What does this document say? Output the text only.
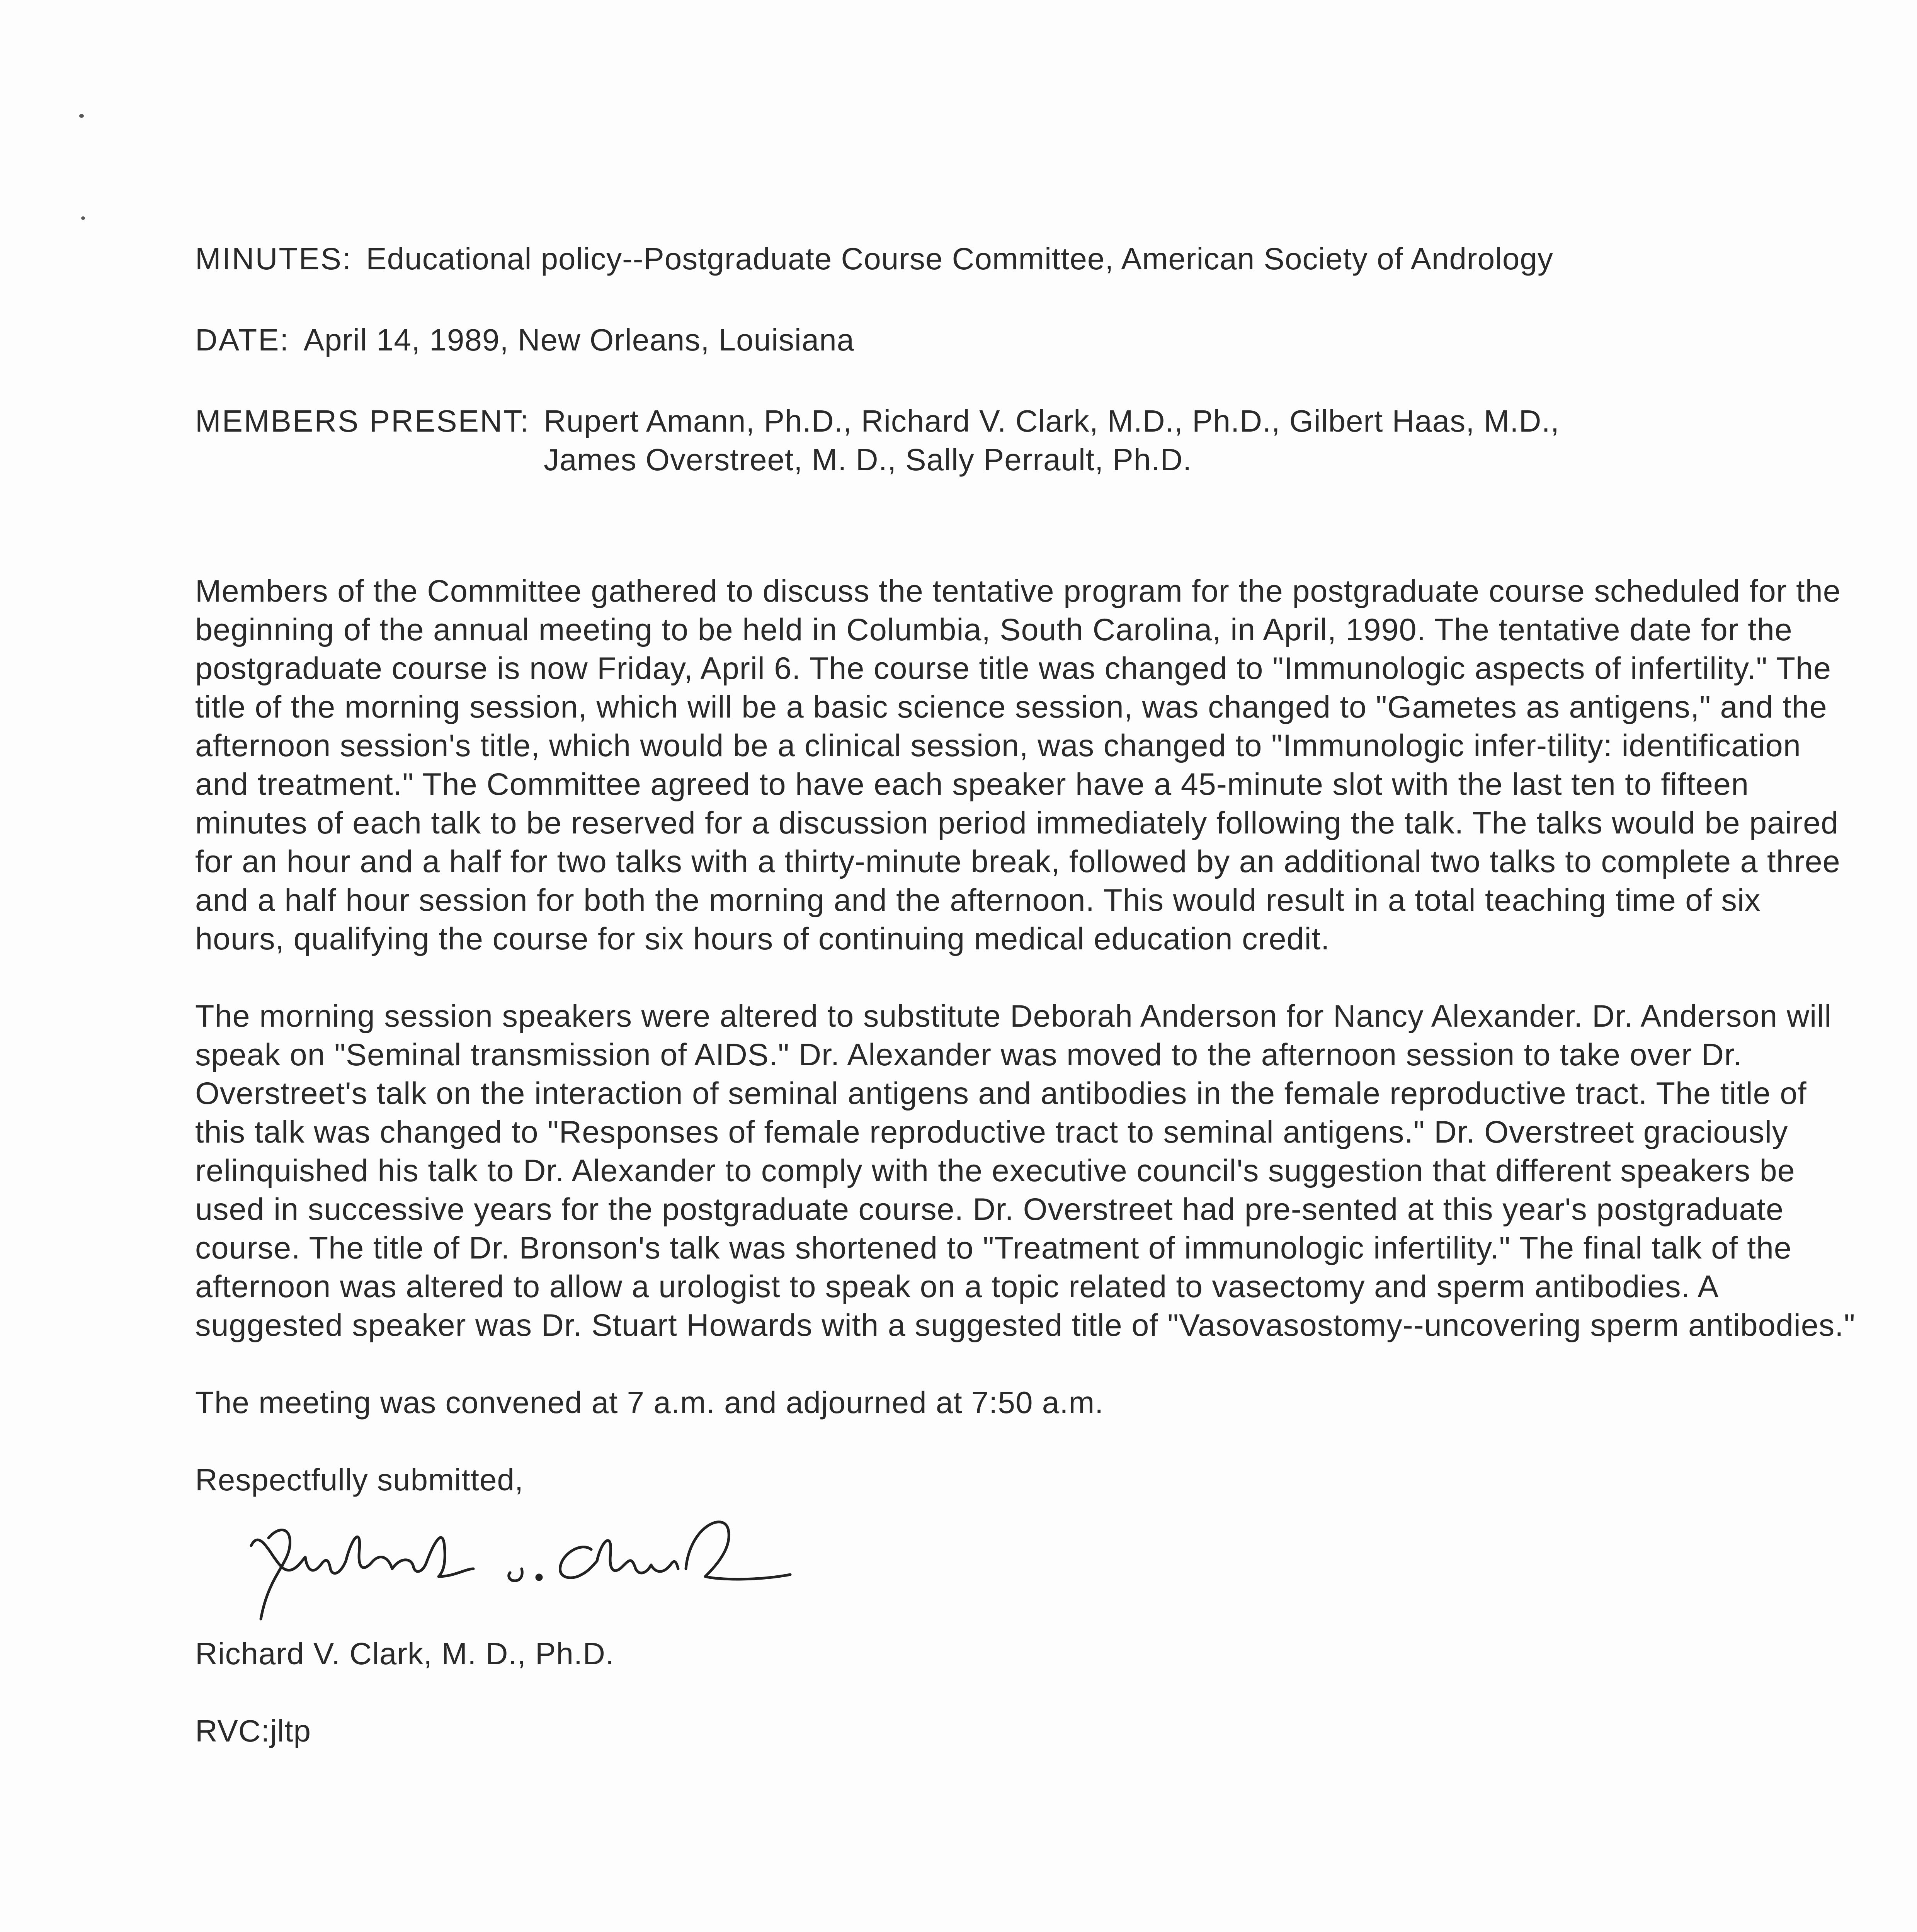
MINUTES: Educational policy--Postgraduate Course Committee, American Society of Andrology
DATE: April 14, 1989, New Orleans, Louisiana
MEMBERS PRESENT: Rupert Amann, Ph.D., Richard V. Clark, M.D., Ph.D., Gilbert Haas, M.D.,
James Overstreet, M. D., Sally Perrault, Ph.D.

Members of the Committee gathered to discuss the tentative program for the postgraduate course scheduled for the beginning of the annual meeting to be held in Columbia, South Carolina, in April, 1990. The tentative date for the postgraduate course is now Friday, April 6. The course title was changed to "Immunologic aspects of infertility." The title of the morning session, which will be a basic science session, was changed to "Gametes as antigens," and the afternoon session's title, which would be a clinical session, was changed to "Immunologic infer-tility: identification and treatment." The Committee agreed to have each speaker have a 45-minute slot with the last ten to fifteen minutes of each talk to be reserved for a discussion period immediately following the talk. The talks would be paired for an hour and a half for two talks with a thirty-minute break, followed by an additional two talks to complete a three and a half hour session for both the morning and the afternoon. This would result in a total teaching time of six hours, qualifying the course for six hours of continuing medical education credit.

The morning session speakers were altered to substitute Deborah Anderson for Nancy Alexander. Dr. Anderson will speak on "Seminal transmission of AIDS." Dr. Alexander was moved to the afternoon session to take over Dr. Overstreet's talk on the interaction of seminal antigens and antibodies in the female reproductive tract. The title of this talk was changed to "Responses of female reproductive tract to seminal antigens." Dr. Overstreet graciously relinquished his talk to Dr. Alexander to comply with the executive council's suggestion that different speakers be used in successive years for the postgraduate course. Dr. Overstreet had pre-sented at this year's postgraduate course. The title of Dr. Bronson's talk was shortened to "Treatment of immunologic infertility." The final talk of the afternoon was altered to allow a urologist to speak on a topic related to vasectomy and sperm antibodies. A suggested speaker was Dr. Stuart Howards with a suggested title of "Vasovasostomy--uncovering sperm antibodies."

The meeting was convened at 7 a.m. and adjourned at 7:50 a.m.

Respectfully submitted,
Richard V. Clark, M. D., Ph.D.
RVC:jltp
